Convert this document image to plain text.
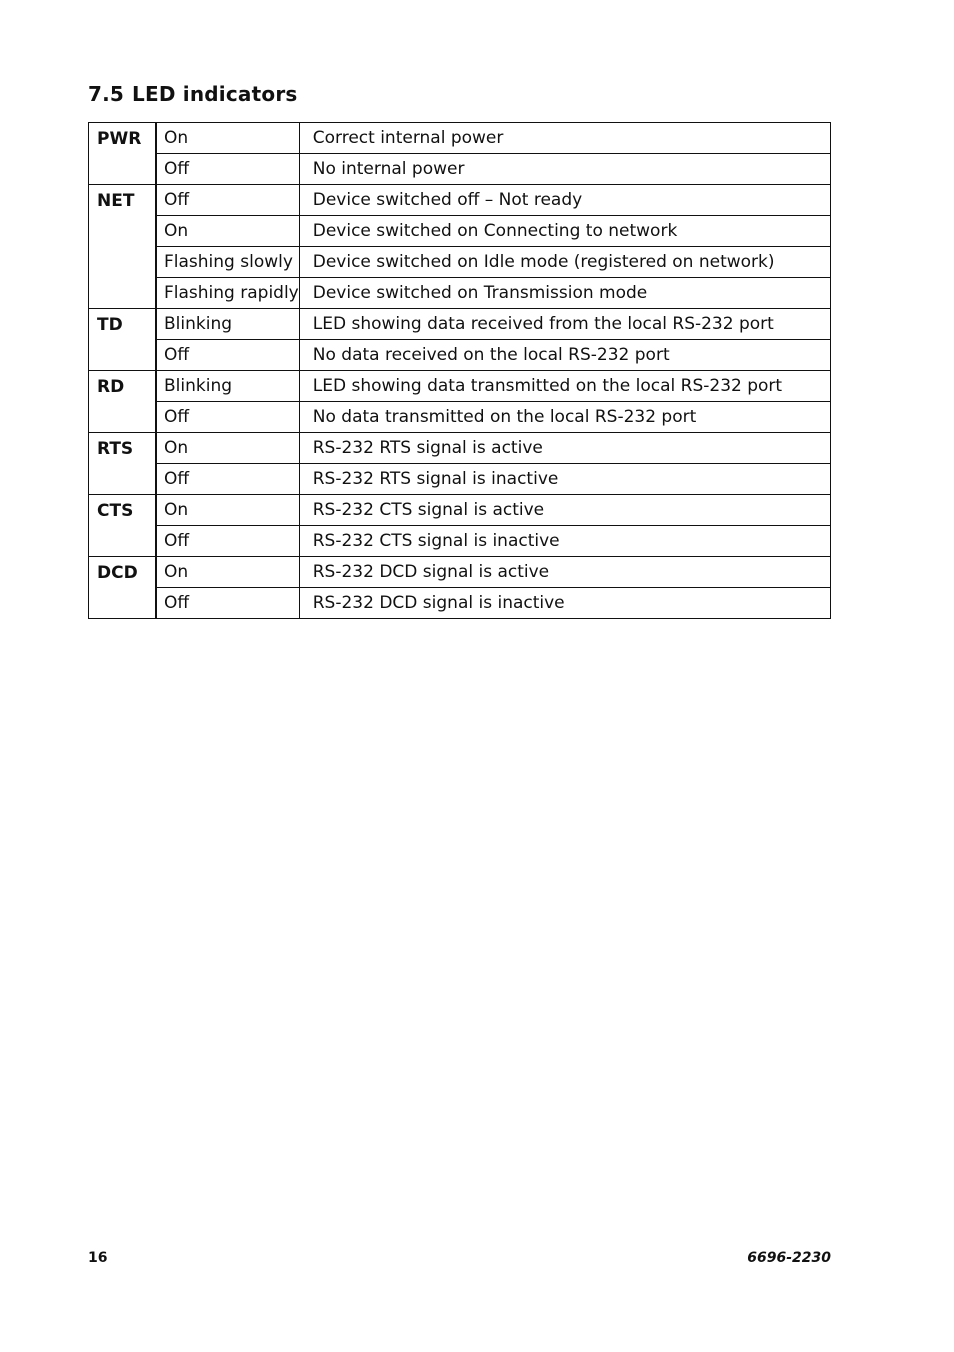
7.5 LED indicators
PWR	On	Correct internal power
	Off	No internal power
NET	Off	Device switched off – Not ready
	On	Device switched on Connecting to network
	Flashing slowly	Device switched on Idle mode (registered on network)
	Flashing rapidly	Device switched on Transmission mode
TD	Blinking	LED showing data received from the local RS-232 port
	Off	No data received on the local RS-232 port
RD	Blinking	LED showing data transmitted on the local RS-232 port
	Off	No data transmitted on the local RS-232 port
RTS	On	RS-232 RTS signal is active
	Off	RS-232 RTS signal is inactive
CTS	On	RS-232 CTS signal is active
	Off	RS-232 CTS signal is inactive
DCD	On	RS-232 DCD signal is active
	Off	RS-232 DCD signal is inactive
16	6696-2230
